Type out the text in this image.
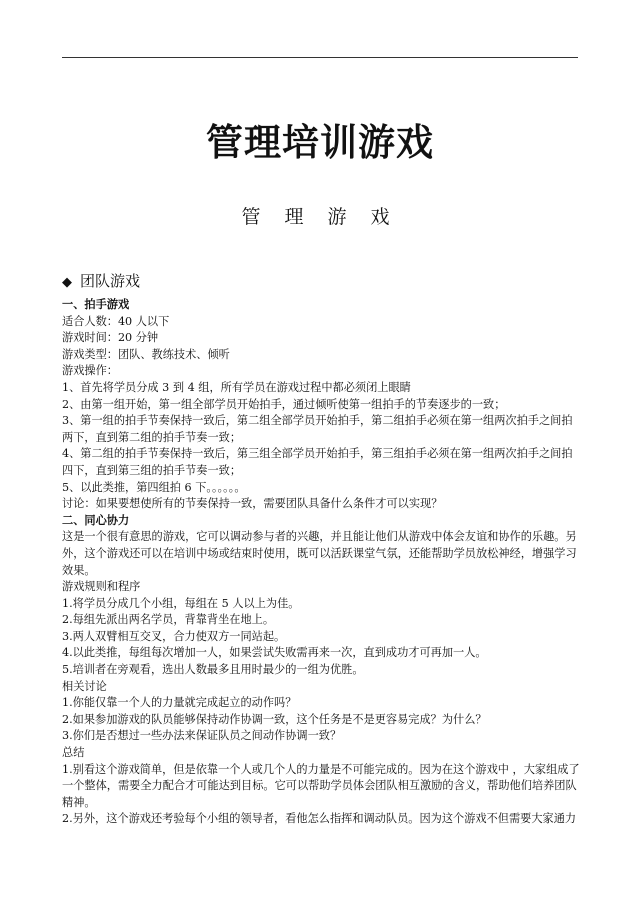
管理培训游戏
管 理 游 戏
◆ 团队游戏

一、拍手游戏

适合人数：40 人以下

游戏时间：20 分钟

游戏类型：团队、教练技术、倾听

游戏操作：

1、首先将学员分成 3 到 4 组，所有学员在游戏过程中都必须闭上眼睛

2、由第一组开始，第一组全部学员开始拍手，通过倾听使第一组拍手的节奏逐步的一致；

3、第一组的拍手节奏保持一致后，第二组全部学员开始拍手，第二组拍手必须在第一组两次拍手之间拍两下，直到第二组的拍手节奏一致；

4、第二组的拍手节奏保持一致后，第三组全部学员开始拍手，第三组拍手必须在第一组两次拍手之间拍四下，直到第三组的拍手节奏一致；

5、以此类推，第四组拍 6 下。。。。。。

讨论：如果要想使所有的节奏保持一致，需要团队具备什么条件才可以实现？

二、同心协力

这是一个很有意思的游戏，它可以调动参与者的兴趣，并且能让他们从游戏中体会友谊和协作的乐趣。另外，这个游戏还可以在培训中场或结束时使用，既可以活跃课堂气氛，还能帮助学员放松神经，增强学习效果。

游戏规则和程序

1.将学员分成几个小组，每组在 5 人以上为佳。

2.每组先派出两名学员，背靠背坐在地上。

3.两人双臂相互交叉，合力使双方一同站起。

4.以此类推，每组每次增加一人，如果尝试失败需再来一次，直到成功才可再加一人。

5.培训者在旁观看，选出人数最多且用时最少的一组为优胜。

相关讨论

1.你能仅靠一个人的力量就完成起立的动作吗？

2.如果参加游戏的队员能够保持动作协调一致，这个任务是不是更容易完成？为什么？

3.你们是否想过一些办法来保证队员之间动作协调一致？

总结

1.别看这个游戏简单，但是依靠一个人或几个人的力量是不可能完成的。因为在这个游戏中 ，大家组成了一个整体，需要全力配合才可能达到目标。它可以帮助学员体会团队相互激励的含义，帮助他们培养团队精神。

2.另外，这个游戏还考验每个小组的领导者，看他怎么指挥和调动队员。因为这个游戏不但需要大家通力
